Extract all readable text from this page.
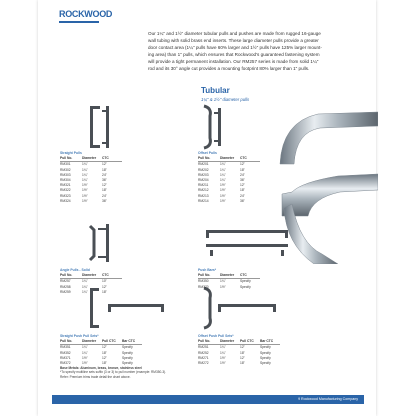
ROCKWOOD

Our 1¼" and 1½" diameter tubular pulls and pushes are made from rugged 16-gauge

wall tubing with solid brass end inserts. These large diameter pulls provide a greater

door contact area (1¼" pulls have 60% larger and 1½" pulls have 125% larger mount-

ing area) than 1" pulls, which ensures that Rockwood's guaranteed fastening system

will provide a tight permanent installation. Our RM257 series is made from solid 1¼"

rod and its 30° angle cut provides a mounting footprint 80% larger than 1" pulls.

Tubular
1¼" & 1½" diameter pulls
Straight Pulls
Pull No.	Diameter	CTC
RM301	1¼"	12"
RM302	1¼"	18"
RM303	1¼"	24"
RM304	1¼"	36"
RM321	1½"	12"
RM322	1½"	18"
RM323	1½"	24"
RM324	1½"	36"
Offset Pulls
Pull No.	Diameter	CTC
RM201	1¼"	12"
RM202	1¼"	18"
RM203	1¼"	24"
RM204	1¼"	36"
RM211	1½"	12"
RM212	1½"	18"
RM213	1½"	24"
RM214	1½"	36"
Angle Pulls - Solid
Pull No.	Diameter	CTC
RM257	1¼"	10"
RM258	1¼"	12"
RM259	1¼"	18"
Push Bars*
Pull No.	Diameter	CTC
RM350	1¼"	Specify
RM370	1½"	Specify
Straight Push Pull Sets*
Pull No.	Diameter	Pull CTC	Bar CTC
RM351	1¼"	12"	Specify
RM352	1¼"	18"	Specify
RM371	1½"	12"	Specify
RM372	1½"	18"	Specify
Offset Push Pull Sets*
Pull No.	Diameter	Pull CTC	Bar CTC
RM251	1¼"	12"	Specify
RM252	1¼"	18"	Specify
RM271	1½"	12"	Specify
RM272	1½"	18"	Specify
Base Metals: Aluminum, brass, bronze, stainless steel
*To specify multiline sets suffix (3 or 3) to pull number (example: RM350-3).
Refer: Premium trims trade detail the chart above.
9 Rockwood Manufacturing Company
